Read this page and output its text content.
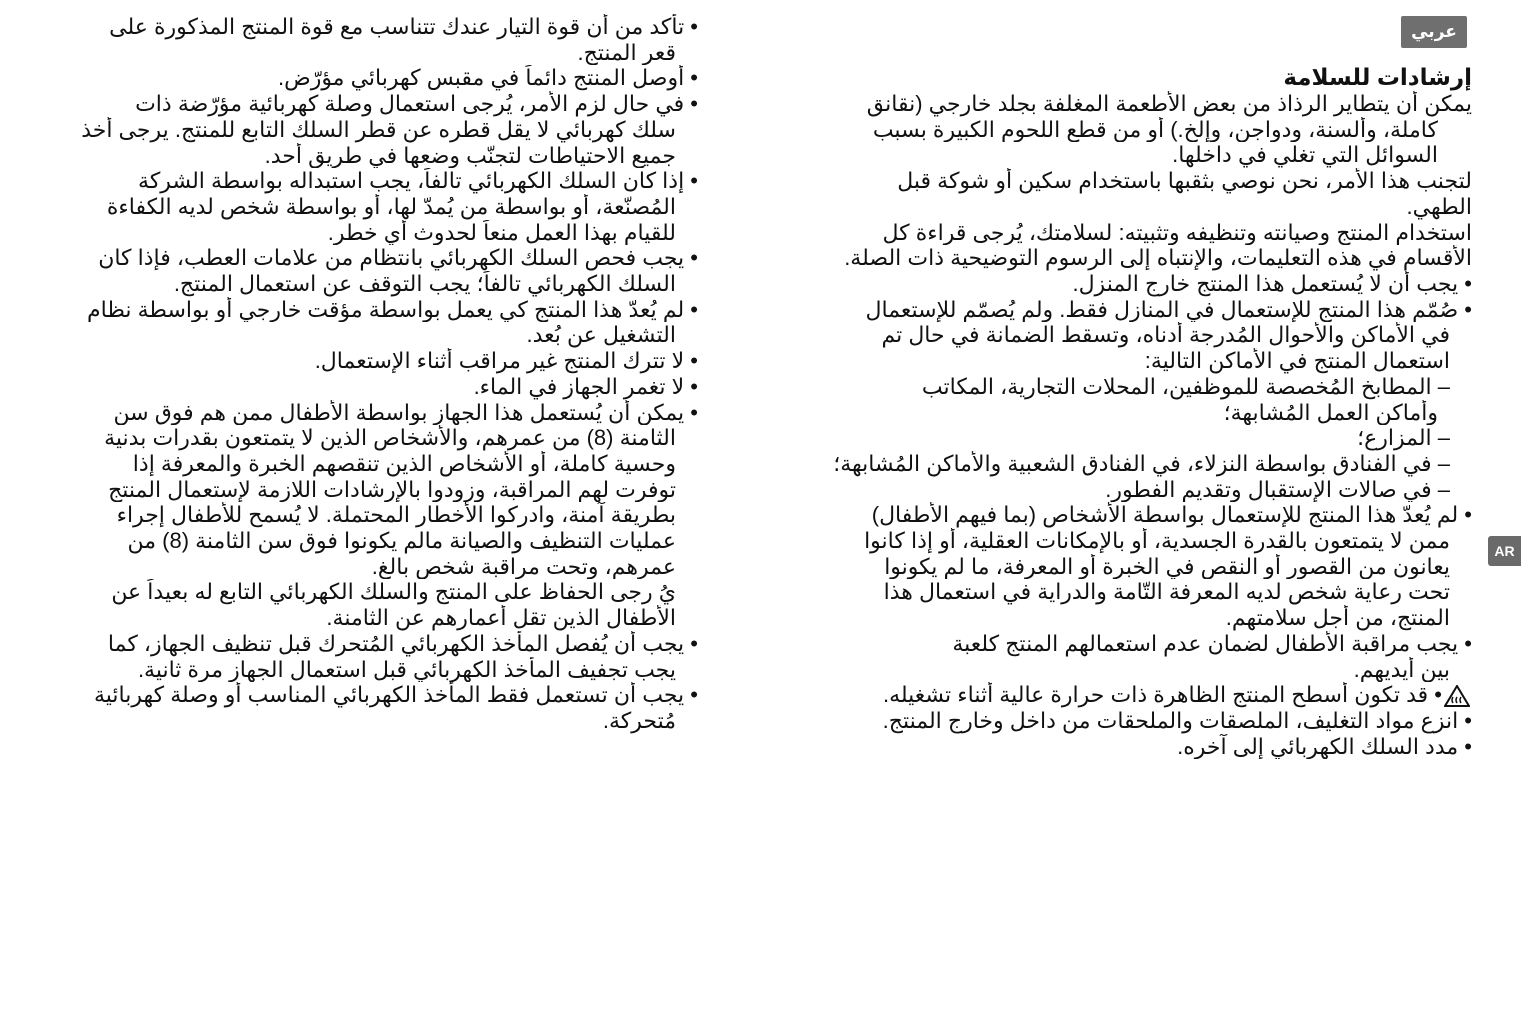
عربي
AR
• تأكد من أن قوة التيار عندك تتناسب مع قوة المنتج المذكورة على
قعر المنتج.
• أوصل المنتج دائماً في مقبس كهربائي مؤرّض.
• في حال لزم الأمر، يُرجى استعمال وصلة كهربائية مؤرّضة ذات
سلك كهربائي لا يقل قطره عن قطر السلك التابع للمنتج. يرجى أخذ
جميع الاحتياطات لتجنّب وضعها في طريق أحد.
• إذا كان السلك الكهربائي تالفاً، يجب استبداله بواسطة الشركة
المُصنّعة، أو بواسطة من يُمدّ لها، أو بواسطة شخص لديه الكفاءة
للقيام بهذا العمل منعاً لحدوث أي خطر.
• يجب فحص السلك الكهربائي بانتظام من علامات العطب، فإذا كان
السلك الكهربائي تالفاً؛ يجب التوقف عن استعمال المنتج.
• لم يُعدّ هذا المنتج كي يعمل بواسطة مؤقت خارجي أو بواسطة نظام
التشغيل عن بُعد.
• لا تترك المنتج غير مراقب أثناء الإستعمال.
• لا تغمر الجهاز في الماء.
• يمكن أن يُستعمل هذا الجهاز بواسطة الأطفال ممن هم فوق سن
الثامنة (8) من عمرهم، والأشخاص الذين لا يتمتعون بقدرات بدنية
وحسية كاملة، أو الأشخاص الذين تنقصهم الخبرة والمعرفة إذا
توفرت لهم المراقبة، وزودوا بالإرشادات اللازمة لإستعمال المنتج
بطريقة آمنة، وادركوا الأخطار المحتملة. لا يُسمح للأطفال إجراء
عمليات التنظيف والصيانة مالم يكونوا فوق سن الثامنة (8) من
عمرهم، وتحت مراقبة شخص بالغ.
يُ رجى الحفاظ على المنتج والسلك الكهربائي التابع له بعيداً عن
الأطفال الذين تقل أعمارهم عن الثامنة.
• يجب أن يُفصل المأخذ الكهربائي المُتحرك قبل تنظيف الجهاز، كما
يجب تجفيف المأخذ الكهربائي قبل استعمال الجهاز مرة ثانية.
• يجب أن تستعمل فقط المأخذ الكهربائي المناسب أو وصلة كهربائية
مُتحركة.
إرشادات للسلامة
يمكن أن يتطاير الرذاذ من بعض الأطعمة المغلفة بجلد خارجي (نقانق
كاملة، وألسنة، ودواجن، وإلخ.) أو من قطع اللحوم الكبيرة بسبب
السوائل التي تغلي في داخلها.
لتجنب هذا الأمر، نحن نوصي بثقبها باستخدام سكين أو شوكة قبل
الطهي.
استخدام المنتج وصيانته وتنظيفه وتثبيته: لسلامتك، يُرجى قراءة كل
الأقسام في هذه التعليمات، والإنتباه إلى الرسوم التوضيحية ذات الصلة.
• يجب أن لا يُستعمل هذا المنتج خارج المنزل.
• صُمّم هذا المنتج للإستعمال في المنازل فقط. ولم يُصمّم للإستعمال
في الأماكن والأحوال المُدرجة أدناه، وتسقط الضمانة في حال تم
استعمال المنتج في الأماكن التالية:
– المطابخ المُخصصة للموظفين، المحلات التجارية، المكاتب
وأماكن العمل المُشابهة؛
– المزارع؛
– في الفنادق بواسطة النزلاء، في الفنادق الشعبية والأماكن المُشابهة؛
– في صالات الإستقبال وتقديم الفطور.
• لم يُعدّ هذا المنتج للإستعمال بواسطة الأشخاص (بما فيهم الأطفال)
ممن لا يتمتعون بالقدرة الجسدية، أو بالإمكانات العقلية، أو إذا كانوا
يعانون من القصور أو النقص في الخبرة أو المعرفة، ما لم يكونوا
تحت رعاية شخص لديه المعرفة التّامة والدراية في استعمال هذا
المنتج، من أجل سلامتهم.
• يجب مراقبة الأطفال لضمان عدم استعمالهم المنتج كلعبة
بين أيديهم.
• قد تكون أسطح المنتج الظاهرة ذات حرارة عالية أثناء تشغيله.
• انزع مواد التغليف، الملصقات والملحقات من داخل وخارج المنتج.
• مدد السلك الكهربائي إلى آخره.
